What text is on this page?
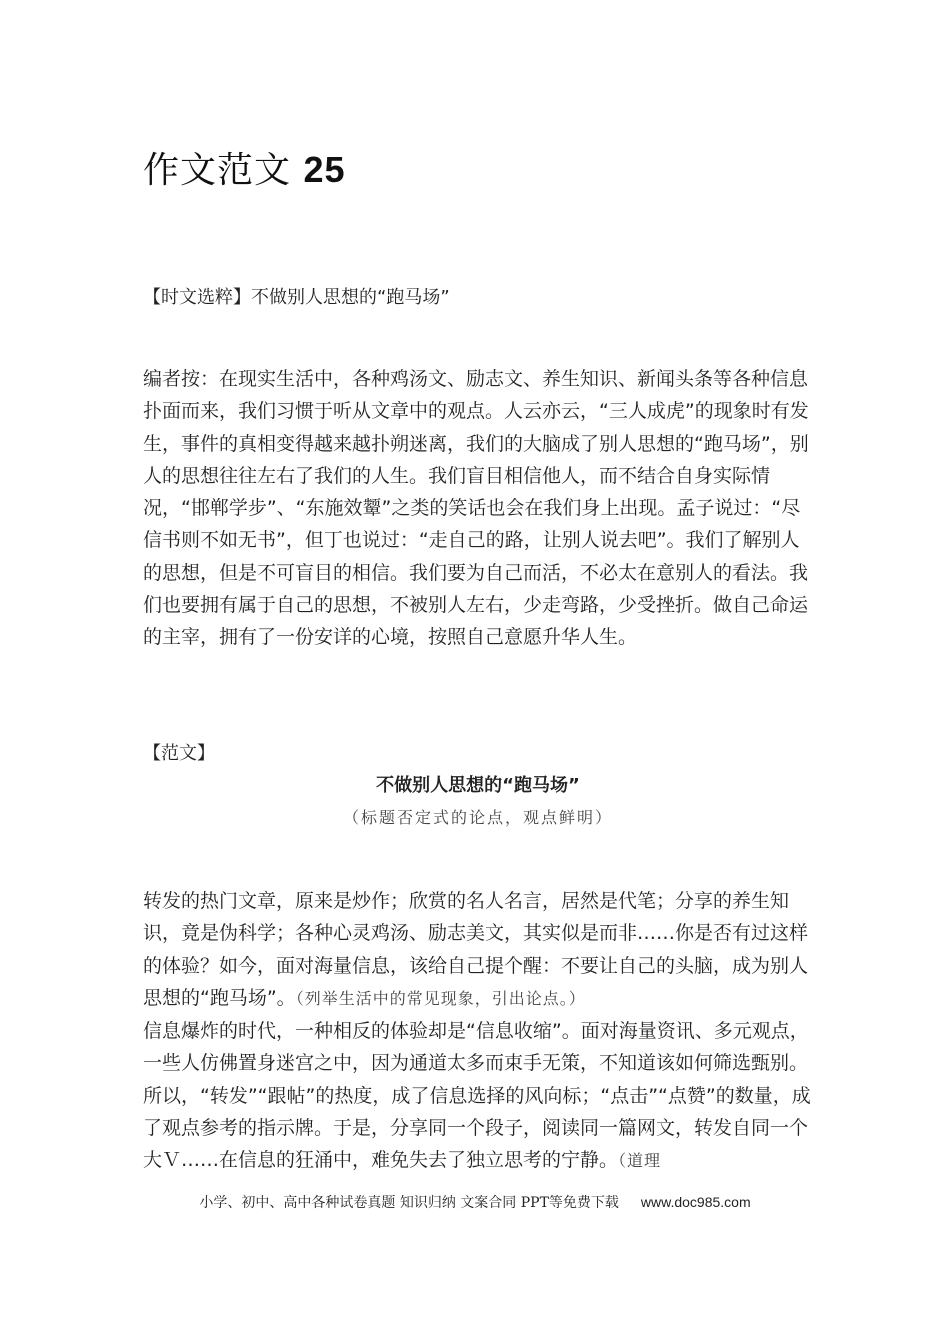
作文范文 25

【时文选粹】不做别人思想的“跑马场”

编者按：在现实生活中，各种鸡汤文、励志文、养生知识、新闻头条等各种信息扑面而来，我们习惯于听从文章中的观点。人云亦云，“三人成虎”的现象时有发生，事件的真相变得越来越扑朔迷离，我们的大脑成了别人思想的“跑马场”，别人的思想往往左右了我们的人生。我们盲目相信他人，而不结合自身实际情况，“邯郸学步”、“东施效颦”之类的笑话也会在我们身上出现。孟子说过：“尽信书则不如无书”，但丁也说过：“走自己的路，让别人说去吧”。我们了解别人的思想，但是不可盲目的相信。我们要为自己而活，不必太在意别人的看法。我们也要拥有属于自己的思想，不被别人左右，少走弯路，少受挫折。做自己命运的主宰，拥有了一份安详的心境，按照自己意愿升华人生。

【范文】

不做别人思想的“跑马场”

（标题否定式的论点，观点鲜明）

转发的热门文章，原来是炒作；欣赏的名人名言，居然是代笔；分享的养生知识，竟是伪科学；各种心灵鸡汤、励志美文，其实似是而非……你是否有过这样的体验？如今，面对海量信息，该给自己提个醒：不要让自己的头脑，成为别人思想的“跑马场”。（列举生活中的常见现象，引出论点。）

信息爆炸的时代，一种相反的体验却是“信息收缩”。面对海量资讯、多元观点，一些人仿佛置身迷宫之中，因为通道太多而束手无策，不知道该如何筛选甄别。所以，“转发”“跟帖”的热度，成了信息选择的风向标；“点击”“点赞”的数量，成了观点参考的指示牌。于是，分享同一个段子，阅读同一篇网文，转发自同一个大Ｖ……在信息的狂涌中，难免失去了独立思考的宁静。（道理

小学、初中、高中各种试卷真题 知识归纳 文案合同 PPT等免费下载 www.doc985.com
